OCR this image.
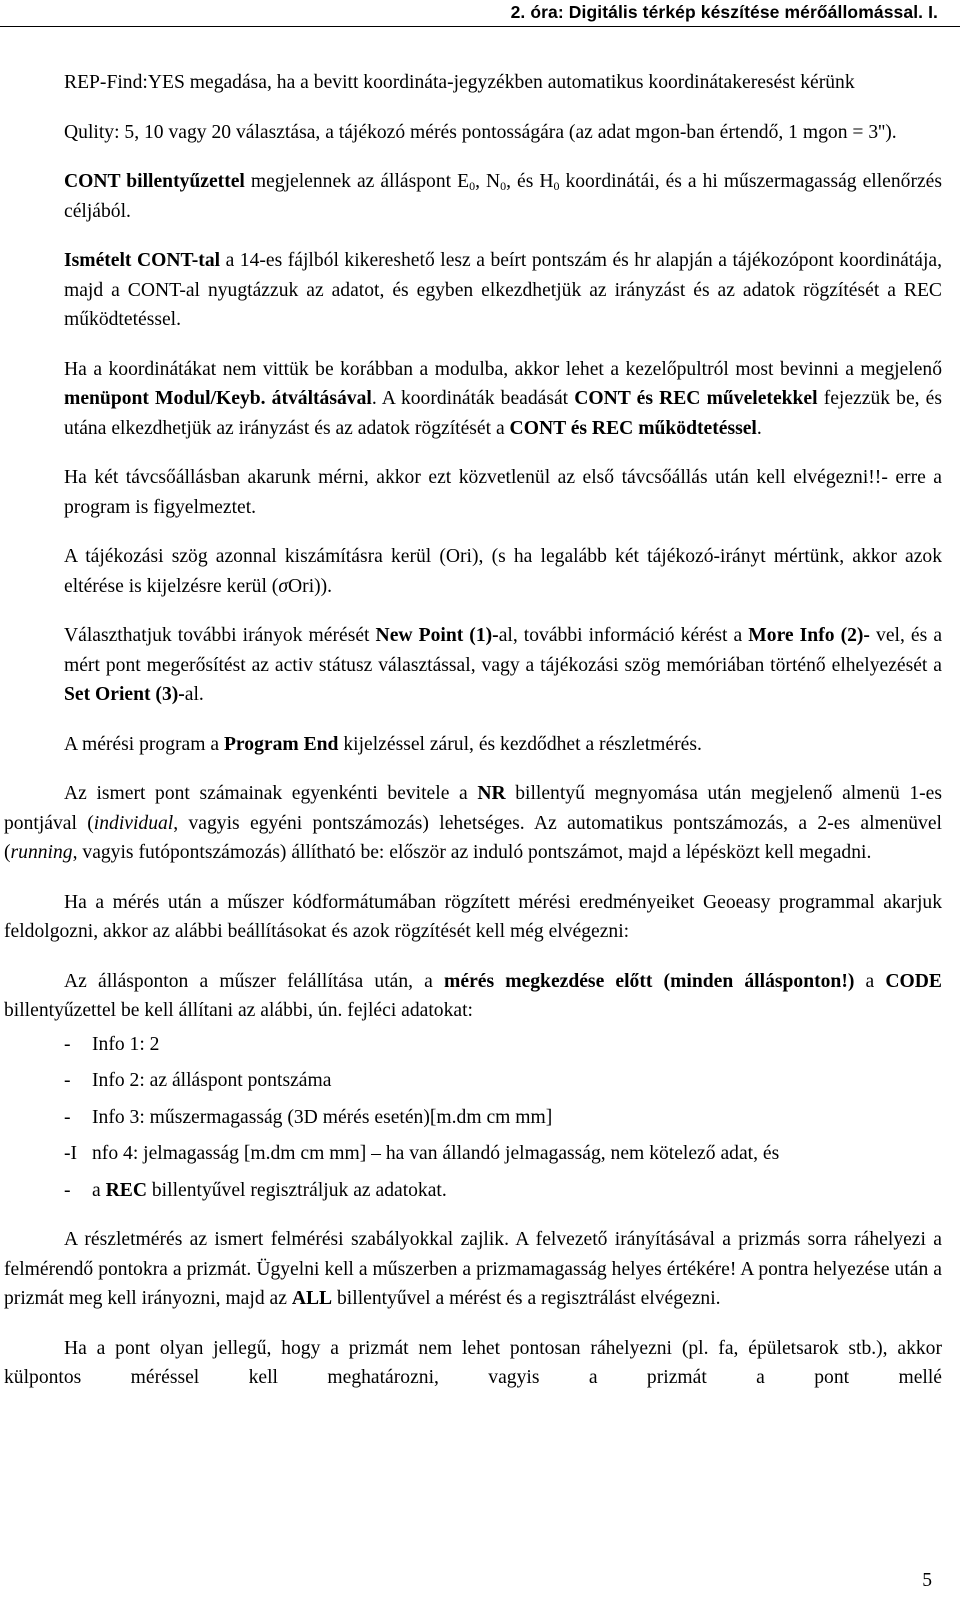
2. óra: Digitális térkép készítése mérőállomással. I.

REP-Find:YES megadása, ha a bevitt koordináta-jegyzékben automatikus koordinátakeresést kérünk

Qulity: 5, 10 vagy 20 választása, a tájékozó mérés pontosságára (az adat mgon-ban értendő, 1 mgon = 3'').

CONT billentyűzettel megjelennek az álláspont $E_0$, $N_0$, és $H_0$ koordinátái, és a hi műszermagasság ellenőrzés céljából.

Ismételt CONT-tal a 14-es fájlból kikereshető lesz a beírt pontszám és hr alapján a tájékozópont koordinátája, majd a CONT-al nyugtázzuk az adatot, és egyben elkezdhetjük az irányzást és az adatok rögzítését a REC működtetéssel.

Ha a koordinátákat nem vittük be korábban a modulba, akkor lehet a kezelőpultról most bevinni a megjelenő menüpont Modul/Keyb. átváltásával. A koordináták beadását CONT és REC műveletekkel fejezzük be, és utána elkezdhetjük az irányzást és az adatok rögzítését a CONT és REC működtetéssel.

Ha két távcsőállásban akarunk mérni, akkor ezt közvetlenül az első távcsőállás után kell elvégezni!!- erre a program is figyelmeztet.

A tájékozási szög azonnal kiszámításra kerül (Ori), (s ha legalább két tájékozó-irányt mértünk, akkor azok eltérése is kijelzésre kerül (σOri)).

Választhatjuk további irányok mérését New Point (1)-al, további információ kérést a More Info (2)- vel, és a mért pont megerősítést az activ státusz választással, vagy a tájékozási szög memóriában történő elhelyezését a Set Orient (3)-al.

A mérési program a Program End kijelzéssel zárul, és kezdődhet a részletmérés.

Az ismert pont számainak egyenkénti bevitele a NR billentyű megnyomása után megjelenő almenü 1-es pontjával (individual, vagyis egyéni pontszámozás) lehetséges. Az automatikus pontszámozás, a 2-es almenüvel (running, vagyis futópontszámozás) állítható be: először az induló pontszámot, majd a lépésközt kell megadni.

Ha a mérés után a műszer kódformátumában rögzített mérési eredményeiket Geoeasy programmal akarjuk feldolgozni, akkor az alábbi beállításokat és azok rögzítését kell még elvégezni:

Az állásponton a műszer felállítása után, a mérés megkezdése előtt (minden állásponton!) a CODE billentyűzettel be kell állítani az alábbi, ún. fejléci adatokat:

- Info 1: 2
- Info 2: az álláspont pontszáma
- Info 3: műszermagasság (3D mérés esetén)[m.dm cm mm]
-I nfo 4: jelmagasság [m.dm cm mm] – ha van állandó jelmagasság, nem kötelező adat, és
- a REC billentyűvel regisztráljuk az adatokat.

A részletmérés az ismert felmérési szabályokkal zajlik. A felvezető irányításával a prizmás sorra ráhelyezi a felmérendő pontokra a prizmát. Ügyelni kell a műszerben a prizmamagasság helyes értékére! A pontra helyezése után a prizmát meg kell irányozni, majd az ALL billentyűvel a mérést és a regisztrálást elvégezni.

Ha a pont olyan jellegű, hogy a prizmát nem lehet pontosan ráhelyezni (pl. fa, épületsarok stb.), akkor külpontos méréssel kell meghatározni, vagyis a prizmát a pont mellé

5
